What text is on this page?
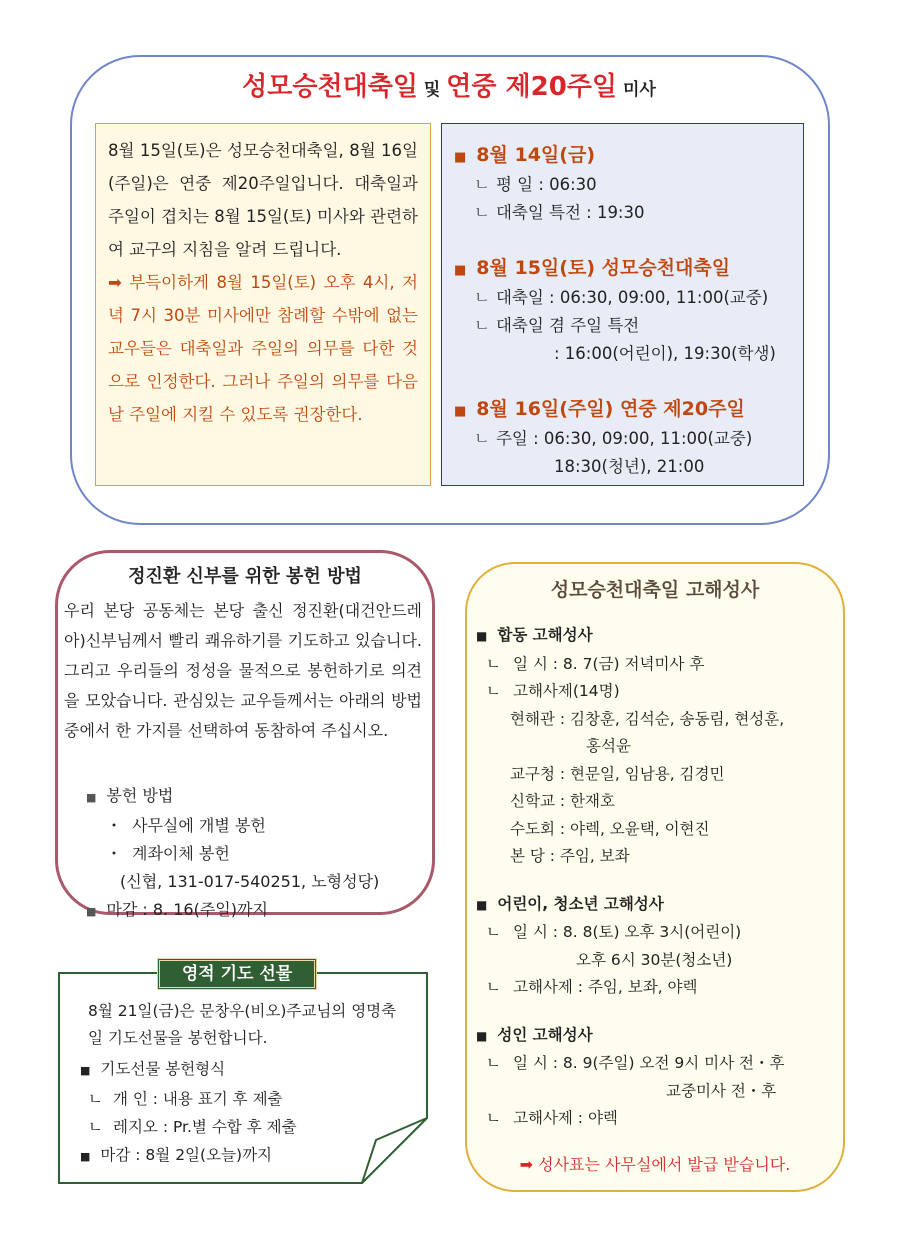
성모승천대축일 및 연중 제20주일 미사
8월 15일(토)은 성모승천대축일, 8월 16일(주일)은 연중 제20주일입니다. 대축일과 주일이 겹치는 8월 15일(토) 미사와 관련하여 교구의 지침을 알려 드립니다.
➡ 부득이하게 8월 15일(토) 오후 4시, 저녁 7시 30분 미사에만 참례할 수밖에 없는 교우들은 대축일과 주일의 의무를 다한 것으로 인정한다. 그러나 주일의 의무를 다음날 주일에 지킬 수 있도록 권장한다.
■ 8월 14일(금)
ㄴ 평 일 : 06:30
ㄴ 대축일 특전 : 19:30
■ 8월 15일(토) 성모승천대축일
ㄴ 대축일 : 06:30, 09:00, 11:00(교중)
ㄴ 대축일 겸 주일 특전
: 16:00(어린이), 19:30(학생)
■ 8월 16일(주일) 연중 제20주일
ㄴ 주일 : 06:30, 09:00, 11:00(교중)
18:30(청년), 21:00
정진환 신부를 위한 봉헌 방법
우리 본당 공동체는 본당 출신 정진환(대건안드레아)신부님께서 빨리 쾌유하기를 기도하고 있습니다. 그리고 우리들의 정성을 물적으로 봉헌하기로 의견을 모았습니다. 관심있는 교우들께서는 아래의 방법 중에서 한 가지를 선택하여 동참하여 주십시오.
■ 봉헌 방법
・ 사무실에 개별 봉헌
・ 계좌이체 봉헌
(신협, 131-017-540251, 노형성당)
■ 마감 : 8. 16(주일)까지
영적 기도 선물
8월 21일(금)은 문창우(비오)주교님의 영명축일 기도선물을 봉헌합니다.
■ 기도선물 봉헌형식
ㄴ 개 인 : 내용 표기 후 제출
ㄴ 레지오 : Pr.별 수합 후 제출
■ 마감 : 8월 2일(오늘)까지
성모승천대축일 고해성사
■ 합동 고해성사
ㄴ 일 시 : 8. 7(금) 저녁미사 후
ㄴ 고해사제(14명)
현해관 : 김창훈, 김석순, 송동림, 현성훈,
홍석윤
교구청 : 현문일, 임남용, 김경민
신학교 : 한재호
수도회 : 야렉, 오윤택, 이현진
본 당 : 주임, 보좌
■ 어린이, 청소년 고해성사
ㄴ 일 시 : 8. 8(토) 오후 3시(어린이)
오후 6시 30분(청소년)
ㄴ 고해사제 : 주임, 보좌, 야렉
■ 성인 고해성사
ㄴ 일 시 : 8. 9(주일) 오전 9시 미사 전・후
교중미사 전・후
ㄴ 고해사제 : 야렉
➡ 성사표는 사무실에서 발급 받습니다.
